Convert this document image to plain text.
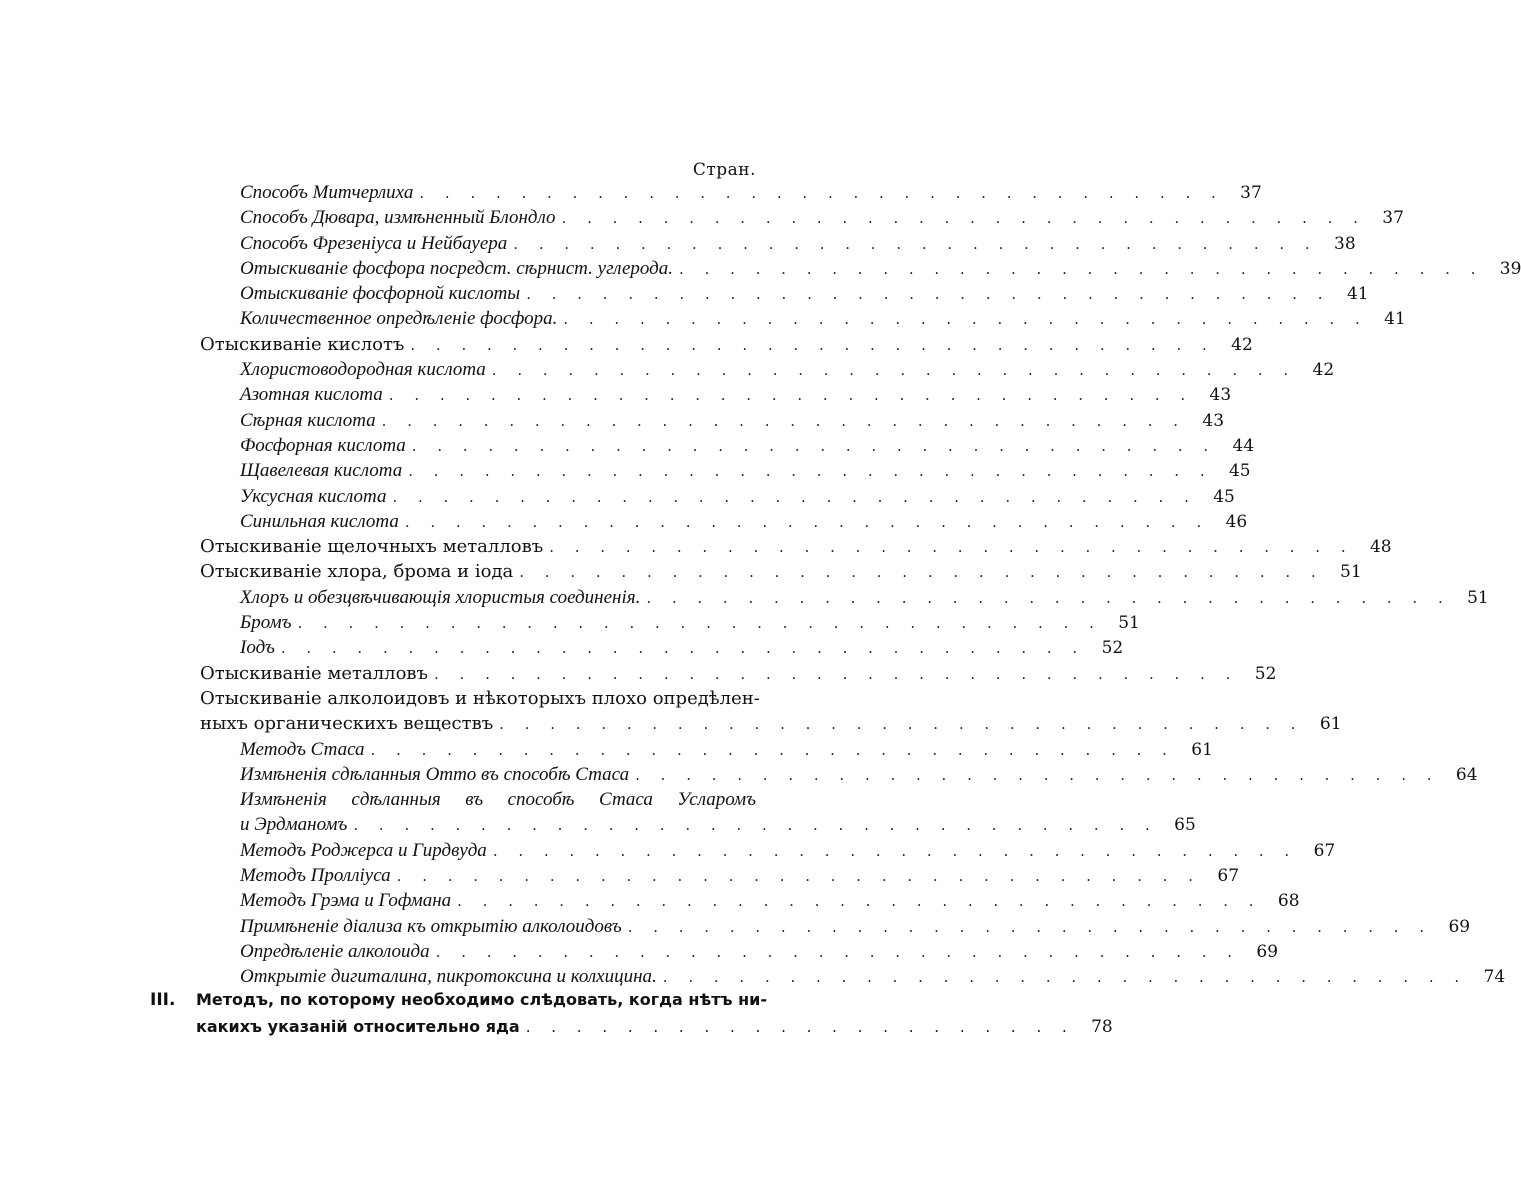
Стран.
Способъ Митчерлиха . . . . . . . . . . . . . . . . . . . . . . . . . . . . . . . . 37
Способъ Дювара, измѣненный Блондло . . . . . . . . . . . . . . . . . . . . . . . . . . . . . . . . 37
Способъ Фрезеніуса и Нейбауера . . . . . . . . . . . . . . . . . . . . . . . . . . . . . . . . 38
Отыскиваніе фосфора посредст. сѣрнист. углерода. . . . . . . . . . . . . . . . . . . . . . . . . . . . . . . . . 39
Отыскиваніе фосфорной кислоты . . . . . . . . . . . . . . . . . . . . . . . . . . . . . . . . 41
Количественное опредѣленіе фосфора. . . . . . . . . . . . . . . . . . . . . . . . . . . . . . . . . 41
Отыскиваніе кислотъ . . . . . . . . . . . . . . . . . . . . . . . . . . . . . . . . 42
Хлористоводородная кислота . . . . . . . . . . . . . . . . . . . . . . . . . . . . . . . . 42
Азотная кислота . . . . . . . . . . . . . . . . . . . . . . . . . . . . . . . . 43
Сѣрная кислота . . . . . . . . . . . . . . . . . . . . . . . . . . . . . . . . 43
Фосфорная кислота . . . . . . . . . . . . . . . . . . . . . . . . . . . . . . . . 44
Щавелевая кислота . . . . . . . . . . . . . . . . . . . . . . . . . . . . . . . . 45
Уксусная кислота . . . . . . . . . . . . . . . . . . . . . . . . . . . . . . . . 45
Синильная кислота . . . . . . . . . . . . . . . . . . . . . . . . . . . . . . . . 46
Отыскиваніе щелочныхъ металловъ . . . . . . . . . . . . . . . . . . . . . . . . . . . . . . . . 48
Отыскиваніе хлора, брома и іода . . . . . . . . . . . . . . . . . . . . . . . . . . . . . . . . 51
Хлоръ и обезцвѣчивающія хлористыя соединенія. . . . . . . . . . . . . . . . . . . . . . . . . . . . . . . . . 51
Бромъ . . . . . . . . . . . . . . . . . . . . . . . . . . . . . . . . 51
Іодъ . . . . . . . . . . . . . . . . . . . . . . . . . . . . . . . . 52
Отыскиваніе металловъ . . . . . . . . . . . . . . . . . . . . . . . . . . . . . . . . 52
Отыскиваніе алколоидовъ и нѣкоторыхъ плохо опредѣлен-
ныхъ органическихъ веществъ . . . . . . . . . . . . . . . . . . . . . . . . . . . . . . . . 61
Методъ Стаса . . . . . . . . . . . . . . . . . . . . . . . . . . . . . . . . 61
Измѣненія сдѣланныя Отто въ способѣ Стаса . . . . . . . . . . . . . . . . . . . . . . . . . . . . . . . . 64
Измѣненія сдѣланныя въ способѣ Стаса Усларомъ
и Эрдманомъ . . . . . . . . . . . . . . . . . . . . . . . . . . . . . . . . 65
Методъ Роджерса и Гирдвуда . . . . . . . . . . . . . . . . . . . . . . . . . . . . . . . . 67
Методъ Пролліуса . . . . . . . . . . . . . . . . . . . . . . . . . . . . . . . . 67
Методъ Грэма и Гофмана . . . . . . . . . . . . . . . . . . . . . . . . . . . . . . . . 68
Примѣненіе діализа къ открытію алколоидовъ . . . . . . . . . . . . . . . . . . . . . . . . . . . . . . . . 69
Опредѣленіе алколоида . . . . . . . . . . . . . . . . . . . . . . . . . . . . . . . . 69
Открытіе дигиталина, пикротоксина и колхицина. . . . . . . . . . . . . . . . . . . . . . . . . . . . . . . . . 74
III.	Методъ, по которому необходимо слѣдовать, когда нѣтъ ни-
какихъ указаній относительно яда . . . . . . . . . . . . . . . . . . . . . . 78
